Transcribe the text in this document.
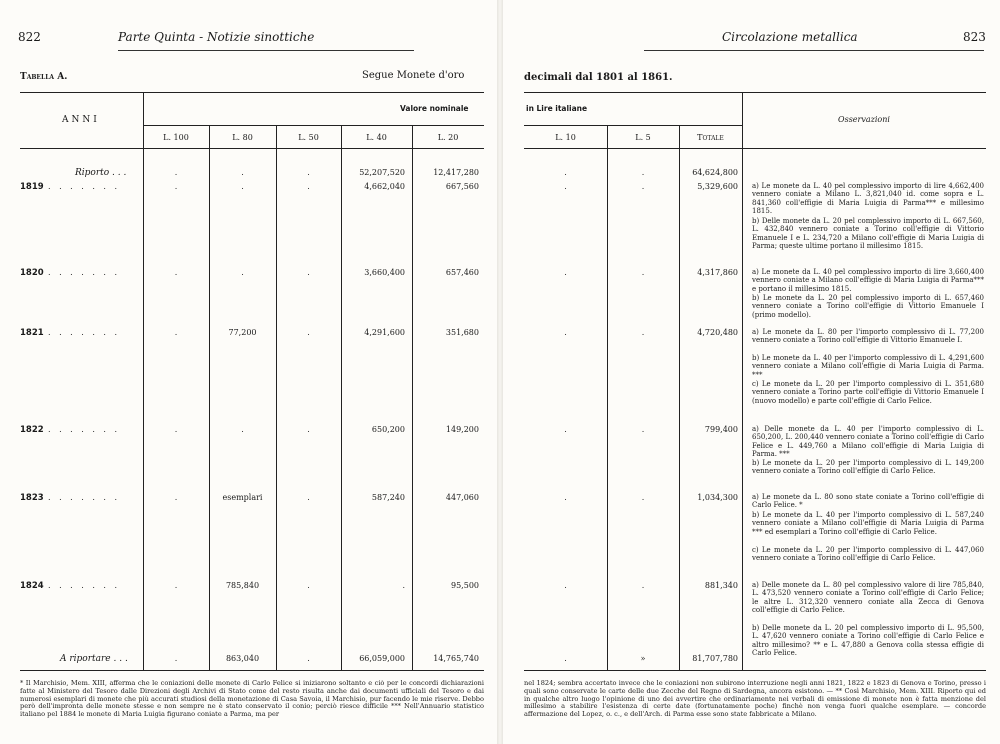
822	Parte Quinta - Notizie sinottiche
Tabella A.	Segue Monete d'oro
ANNI
Valore nominale
L. 100	L. 80	L. 50	L. 40	L. 20
Riporto . . .	.	.	.	52,207,520	12,417,280
1819 . . . . . . .	.	.	.	4,662,040	667,560
1820 . . . . . . .	.	.	.	3,660,400	657,460
1821 . . . . . . .	.	77,200	.	4,291,600	351,680
1822 . . . . . . .	.	.	.	650,200	149,200
1823 . . . . . . .	.	esemplari	.	587,240	447,060
1824 . . . . . . .	.	785,840	.	.	95,500
A riportare . . .	.	863,040	.	66,059,000	14,765,740
* Il Marchisio, Mem. XIII, afferma che le coniazioni delle monete di Carlo Felice si iniziarono soltanto e ciò per le concordi dichiarazioni fatte al Ministero del Tesoro dalle Direzioni degli Archivi di Stato come del resto risulta anche dai documenti ufficiali del Tesoro e dai numerosi esemplari di monete che più accurati studiosi della monetazione di Casa Savoia, il Marchisio, pur facendo le mie riserve. Debbo però dell'impronta delle monete stesse e non sempre ne è stato conservato il conio; perciò riesce difficile *** Nell'Annuario statistico italiano pel 1884 le monete di Maria Luigia figurano coniate a Parma, ma per
Circolazione metallica	823
decimali dal 1801 al 1861.
in Lire italiane
L. 10	L. 5	Totale
Osservazioni
.	.	64,624,800
.	.	5,329,600 a) Le monete da L. 40 pel complessivo importo di lire 4,662,400 vennero coniate a Milano L. 3,821,040 id. come sopra e L. 841,360 coll'effigie di Maria Luigia di Parma*** e millesimo 1815.
b) Delle monete da L. 20 pel complessivo importo di L. 667,560, L. 432,840 vennero coniate a Torino coll'effigie di Vittorio Emanuele I e L. 234,720 a Milano coll'effigie di Maria Luigia di Parma; queste ultime portano il millesimo 1815.
.	.	4,317,860 a) Le monete da L. 40 pel complessivo importo di lire 3,660,400 vennero coniate a Milano coll'effigie di Maria Luigia di Parma*** e portano il millesimo 1815.
b) Le monete da L. 20 pel complessivo importo di L. 657,460 vennero coniate a Torino coll'effigie di Vittorio Emanuele I (primo modello).
.	.	4,720,480 a) Le monete da L. 80 per l'importo complessivo di L. 77,200 vennero coniate a Torino coll'effigie di Vittorio Emanuele I.
b) Le monete da L. 40 per l'importo complessivo di L. 4,291,600 vennero coniate a Milano coll'effigie di Maria Luigia di Parma. ***
c) Le monete da L. 20 per l'importo complessivo di L. 351,680 vennero coniate a Torino parte coll'effigie di Vittorio Emanuele I (nuovo modello) e parte coll'effigie di Carlo Felice.
.	.	799,400 a) Delle monete da L. 40 per l'importo complessivo di L. 650,200, L. 200,440 vennero coniate a Torino coll'effigie di Carlo Felice e L. 449,760 a Milano coll'effigie di Maria Luigia di Parma. ***
b) Le monete da L. 20 per l'importo complessivo di L. 149,200 vennero coniate a Torino coll'effigie di Carlo Felice.
.	.	1,034,300 a) Le monete da L. 80 sono state coniate a Torino coll'effigie di Carlo Felice. *
b) Le monete da L. 40 per l'importo complessivo di L. 587,240 vennero coniate a Milano coll'effigie di Maria Luigia di Parma *** ed esemplari a Torino coll'effigie di Carlo Felice.
c) Le monete da L. 20 per l'importo complessivo di L. 447,060 vennero coniate a Torino coll'effigie di Carlo Felice.
.	.	881,340 a) Delle monete da L. 80 pel complessivo valore di lire 785,840, L. 473,520 vennero coniate a Torino coll'effigie di Carlo Felice; le altre L. 312,320 vennero coniate alla Zecca di Genova coll'effigie di Carlo Felice.
b) Delle monete da L. 20 pel complessivo importo di L. 95,500, L. 47,620 vennero coniate a Torino coll'effigie di Carlo Felice e altro millesimo? ** e L. 47,880 a Genova colla stessa effigie di Carlo Felice.
.	»	81,707,780
nel 1824; sembra accertato invece che le coniazioni non subirono interruzione negli anni 1821, 1822 e 1823 di Genova e Torino, presso i quali sono conservate le carte delle due Zecche del Regno di Sardegna, ancora esistono. — ** Così Marchisio, Mem. XIII. Riporto qui ed in qualche altro luogo l'opinione di uno dei avvertire che ordinariamente nei verbali di emissione di monete non è fatta menzione del millesimo a stabilire l'esistenza di certe date (fortunatamente poche) finchè non venga fuori qualche esemplare. — concorde affermazione del Lopez, o. c., e dell'Arch. di Parma esse sono state fabbricate a Milano.
